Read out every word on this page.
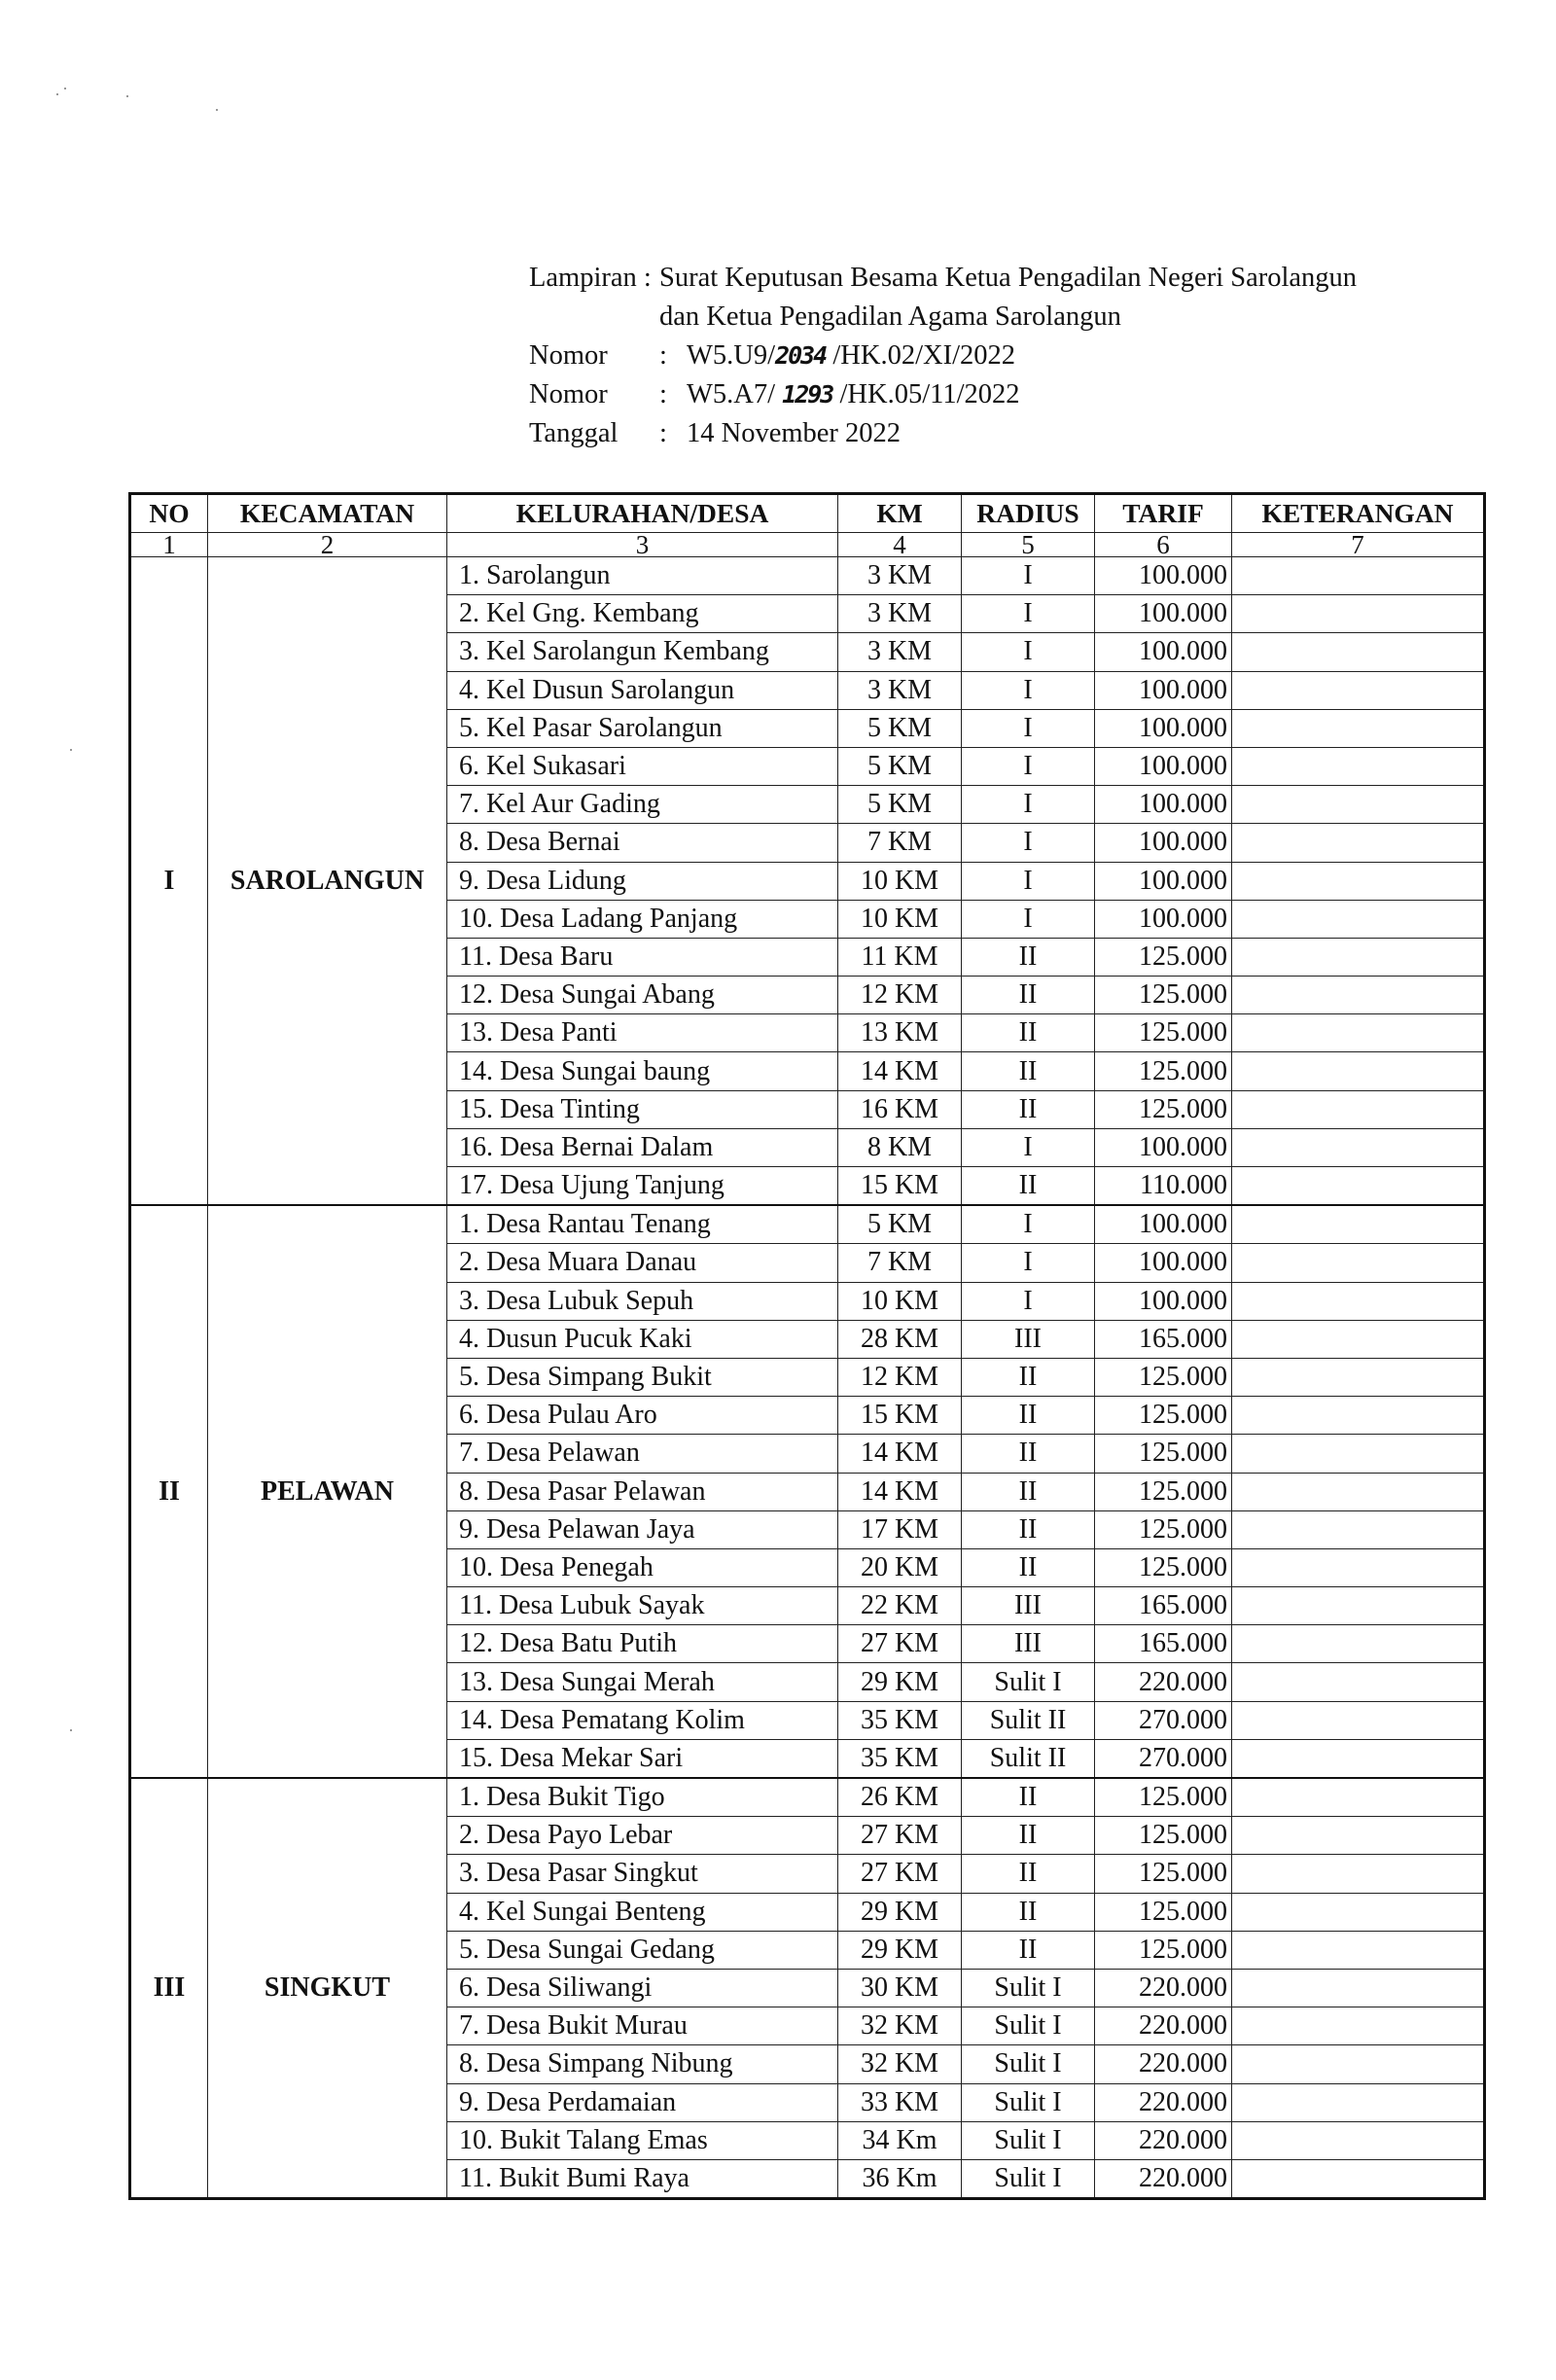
Lampiran : Surat Keputusan Besama Ketua Pengadilan Negeri Sarolangun
dan Ketua Pengadilan Agama Sarolangun
Nomor	: W5.U9/2034 /HK.02/XI/2022
Nomor	: W5.A7/ 1293 /HK.05/11/2022
Tanggal	: 14 November 2022
NO	KECAMATAN	KELURAHAN/DESA	KM	RADIUS	TARIF	KETERANGAN
1	2	3	4	5	6	7
I	SAROLANGUN	1. Sarolangun	3 KM	I	100.000	
		2. Kel Gng. Kembang	3 KM	I	100.000	
		3. Kel Sarolangun Kembang	3 KM	I	100.000	
		4. Kel Dusun Sarolangun	3 KM	I	100.000	
		5. Kel Pasar Sarolangun	5 KM	I	100.000	
		6. Kel Sukasari	5 KM	I	100.000	
		7. Kel Aur Gading	5 KM	I	100.000	
		8. Desa Bernai	7 KM	I	100.000	
		9. Desa Lidung	10 KM	I	100.000	
		10. Desa Ladang Panjang	10 KM	I	100.000	
		11. Desa Baru	11 KM	II	125.000	
		12. Desa Sungai Abang	12 KM	II	125.000	
		13. Desa Panti	13 KM	II	125.000	
		14. Desa Sungai baung	14 KM	II	125.000	
		15. Desa Tinting	16 KM	II	125.000	
		16. Desa Bernai Dalam	8 KM	I	100.000	
		17. Desa Ujung Tanjung	15 KM	II	110.000	
II	PELAWAN	1. Desa Rantau Tenang	5 KM	I	100.000	
		2. Desa Muara Danau	7 KM	I	100.000	
		3. Desa Lubuk Sepuh	10 KM	I	100.000	
		4. Dusun Pucuk Kaki	28 KM	III	165.000	
		5. Desa Simpang Bukit	12 KM	II	125.000	
		6. Desa Pulau Aro	15 KM	II	125.000	
		7. Desa Pelawan	14 KM	II	125.000	
		8. Desa Pasar Pelawan	14 KM	II	125.000	
		9. Desa Pelawan Jaya	17 KM	II	125.000	
		10. Desa Penegah	20 KM	II	125.000	
		11. Desa Lubuk Sayak	22 KM	III	165.000	
		12. Desa Batu Putih	27 KM	III	165.000	
		13. Desa Sungai Merah	29 KM	Sulit I	220.000	
		14. Desa Pematang Kolim	35 KM	Sulit II	270.000	
		15. Desa Mekar Sari	35 KM	Sulit II	270.000	
III	SINGKUT	1. Desa Bukit Tigo	26 KM	II	125.000	
		2. Desa Payo Lebar	27 KM	II	125.000	
		3. Desa Pasar Singkut	27 KM	II	125.000	
		4. Kel Sungai Benteng	29 KM	II	125.000	
		5. Desa Sungai Gedang	29 KM	II	125.000	
		6. Desa Siliwangi	30 KM	Sulit I	220.000	
		7. Desa Bukit Murau	32 KM	Sulit I	220.000	
		8. Desa Simpang Nibung	32 KM	Sulit I	220.000	
		9. Desa Perdamaian	33 KM	Sulit I	220.000	
		10. Bukit Talang Emas	34 Km	Sulit I	220.000	
		11. Bukit Bumi Raya	36 Km	Sulit I	220.000	
